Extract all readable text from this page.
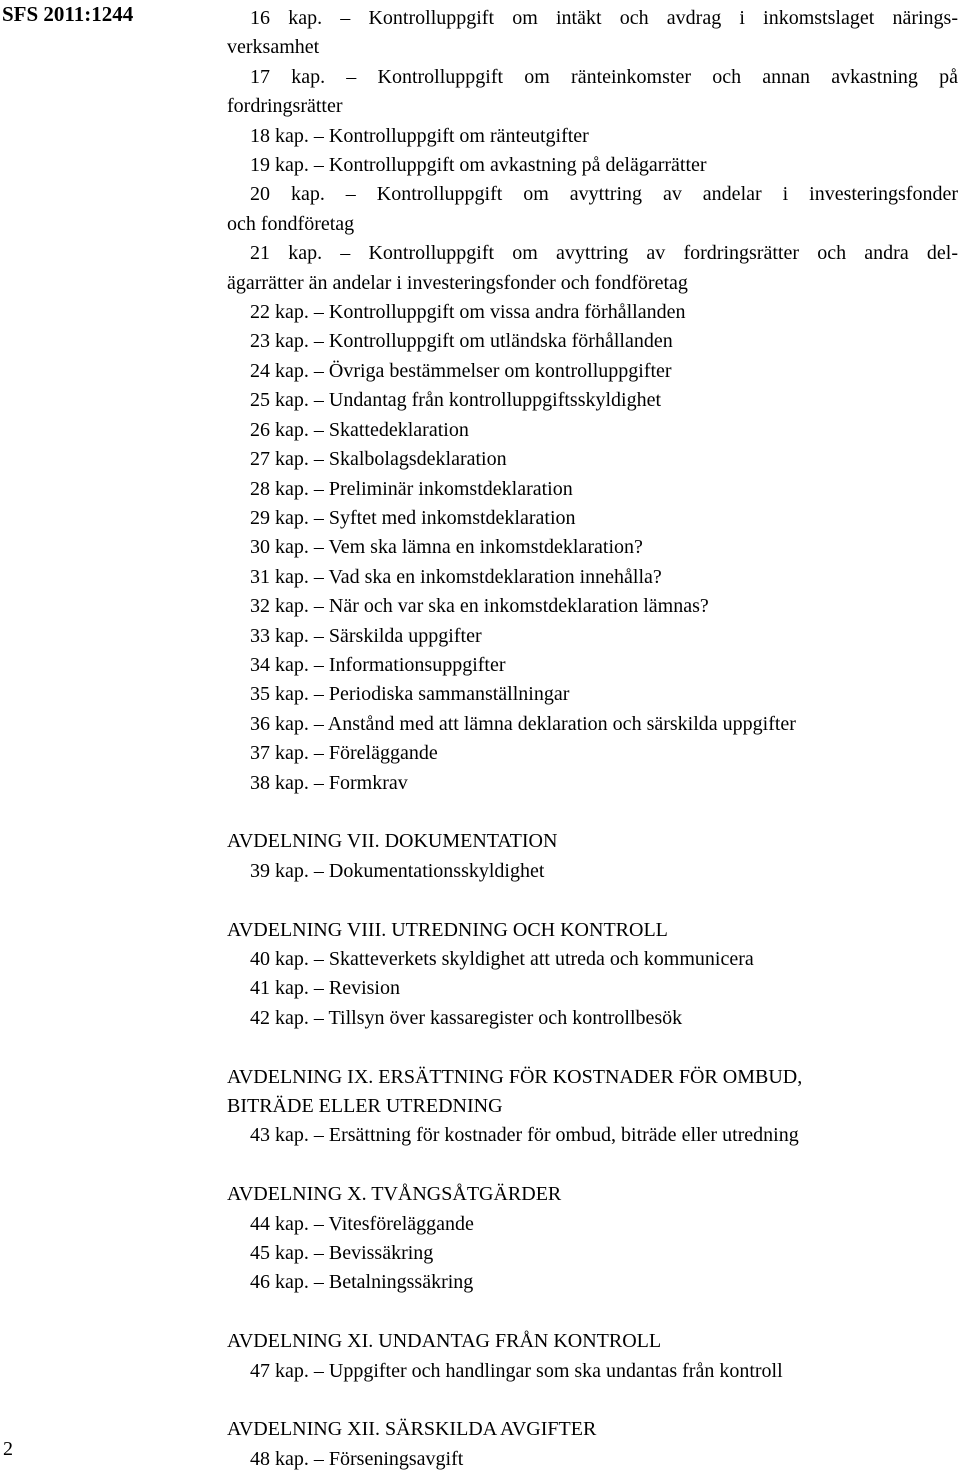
SFS 2011:1244	16 kap. – Kontrolluppgift om intäkt och avdrag i inkomstslaget närings-
verksamhet
17 kap. – Kontrolluppgift om ränteinkomster och annan avkastning på
fordringsrätter
18 kap. – Kontrolluppgift om ränteutgifter
19 kap. – Kontrolluppgift om avkastning på delägarrätter
20 kap. – Kontrolluppgift om avyttring av andelar i investeringsfonder
och fondföretag
21 kap. – Kontrolluppgift om avyttring av fordringsrätter och andra del-
ägarrätter än andelar i investeringsfonder och fondföretag
22 kap. – Kontrolluppgift om vissa andra förhållanden
23 kap. – Kontrolluppgift om utländska förhållanden
24 kap. – Övriga bestämmelser om kontrolluppgifter
25 kap. – Undantag från kontrolluppgiftsskyldighet
26 kap. – Skattedeklaration
27 kap. – Skalbolagsdeklaration
28 kap. – Preliminär inkomstdeklaration
29 kap. – Syftet med inkomstdeklaration
30 kap. – Vem ska lämna en inkomstdeklaration?
31 kap. – Vad ska en inkomstdeklaration innehålla?
32 kap. – När och var ska en inkomstdeklaration lämnas?
33 kap. – Särskilda uppgifter
34 kap. – Informationsuppgifter
35 kap. – Periodiska sammanställningar
36 kap. – Anstånd med att lämna deklaration och särskilda uppgifter
37 kap. – Föreläggande
38 kap. – Formkrav
AVDELNING VII. DOKUMENTATION
39 kap. – Dokumentationsskyldighet
AVDELNING VIII. UTREDNING OCH KONTROLL
40 kap. – Skatteverkets skyldighet att utreda och kommunicera
41 kap. – Revision
42 kap. – Tillsyn över kassaregister och kontrollbesök
AVDELNING IX. ERSÄTTNING FÖR KOSTNADER FÖR OMBUD,
BITRÄDE ELLER UTREDNING
43 kap. – Ersättning för kostnader för ombud, biträde eller utredning
AVDELNING X. TVÅNGSÅTGÄRDER
44 kap. – Vitesföreläggande
45 kap. – Bevissäkring
46 kap. – Betalningssäkring
AVDELNING XI. UNDANTAG FRÅN KONTROLL
47 kap. – Uppgifter och handlingar som ska undantas från kontroll
AVDELNING XII. SÄRSKILDA AVGIFTER
48 kap. – Förseningsavgift
2
